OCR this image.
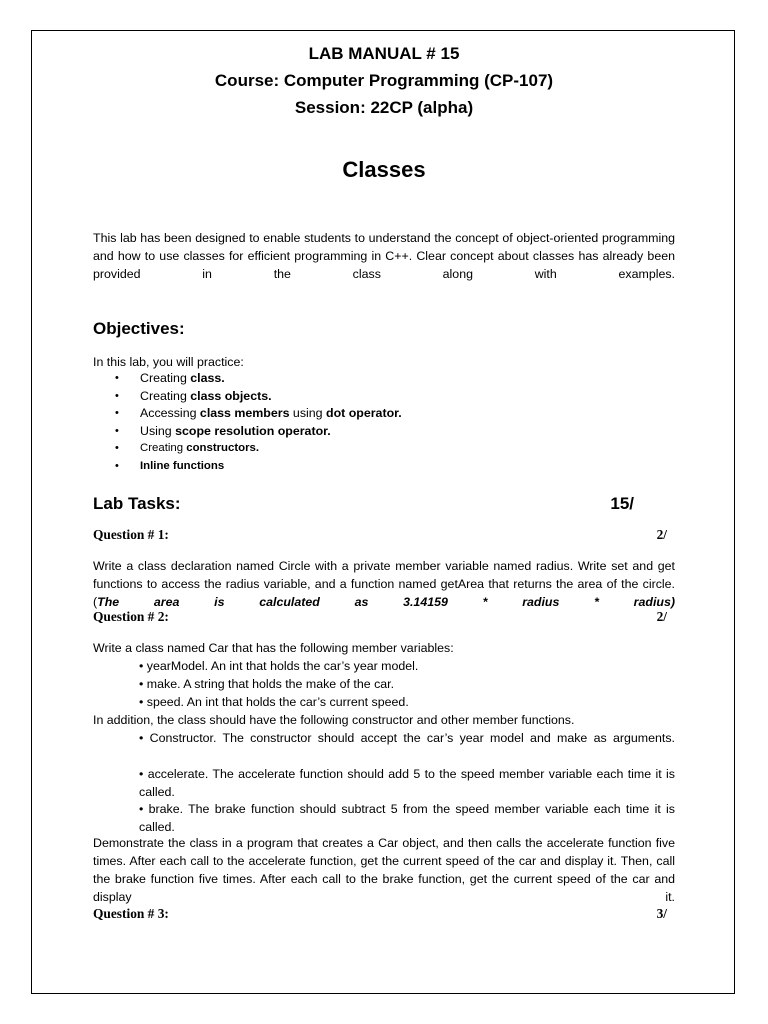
LAB MANUAL # 15
Course: Computer Programming (CP-107)
Session: 22CP (alpha)
Classes

This lab has been designed to enable students to understand the concept of object-oriented programming and how to use classes for efficient programming in C++. Clear concept about classes has already been provided in the class along with examples.

Objectives:
In this lab, you will practice:
• Creating class.
• Creating class objects.
• Accessing class members using dot operator.
• Using scope resolution operator.
• Creating constructors.
• Inline functions
Lab Tasks:	15/
Question # 1:	2/

Write a class declaration named Circle with a private member variable named radius. Write set and get functions to access the radius variable, and a function named getArea that returns the area of the circle. (The area is calculated as 3.14159 * radius * radius)

Question # 2:	2/
Write a class named Car that has the following member variables:
• yearModel. An int that holds the car’s year model.
• make. A string that holds the make of the car.
• speed. An int that holds the car’s current speed.
In addition, the class should have the following constructor and other member functions.

• Constructor. The constructor should accept the car’s year model and make as arguments.

• accelerate. The accelerate function should add 5 to the speed member variable each time it is called.

• brake. The brake function should subtract 5 from the speed member variable each time it is called.

Demonstrate the class in a program that creates a Car object, and then calls the accelerate function five times. After each call to the accelerate function, get the current speed of the car and display it. Then, call the brake function five times. After each call to the brake function, get the current speed of the car and display it.

Question # 3:	3/
